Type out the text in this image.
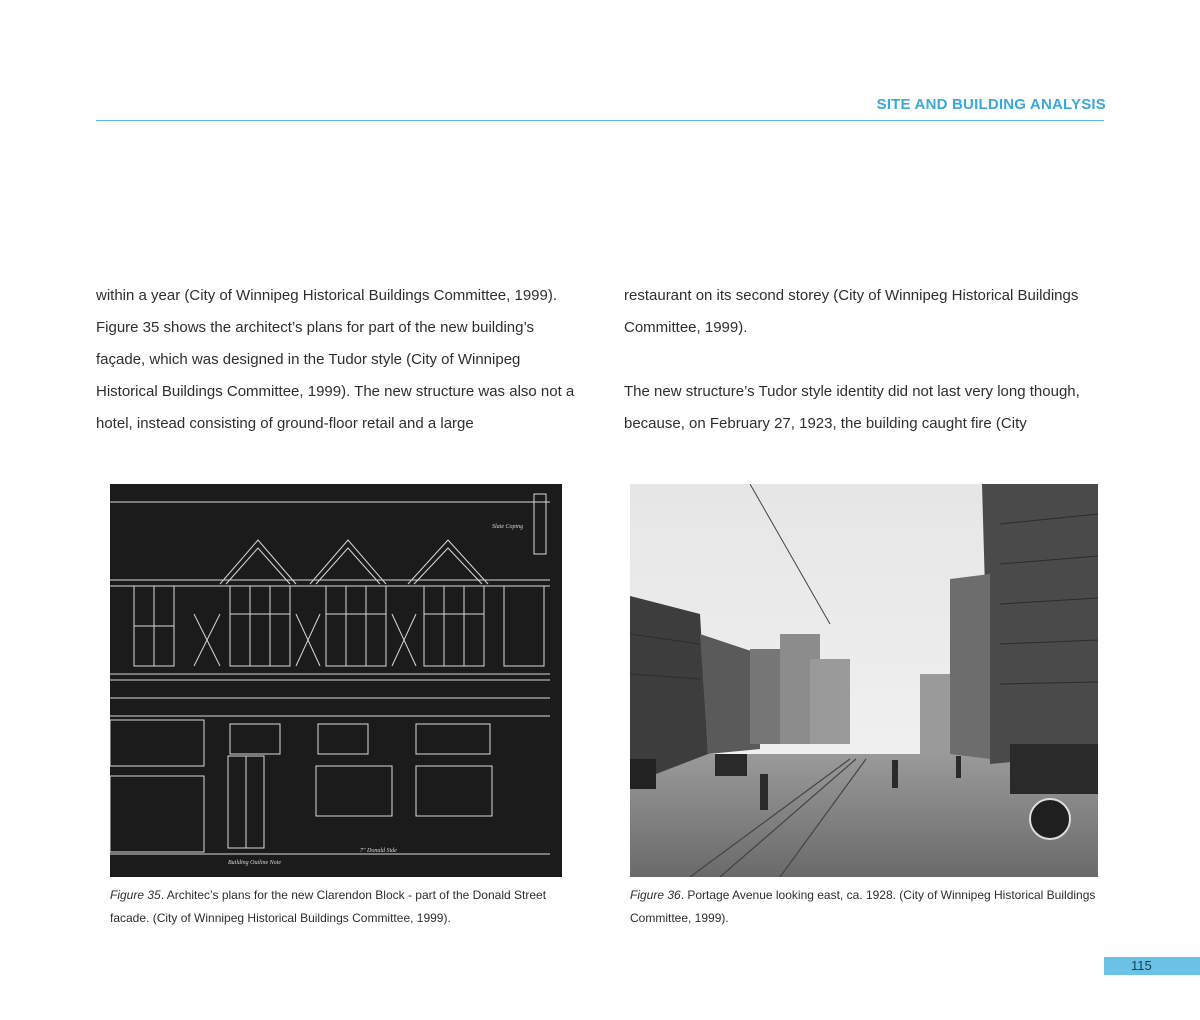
SITE AND BUILDING ANALYSIS

within a year (City of Winnipeg Historical Buildings Committee, 1999). Figure 35 shows the architect’s plans for part of the new building’s façade, which was designed in the Tudor style (City of Winnipeg Historical Buildings Committee, 1999). The new structure was also not a hotel, instead consisting of ground-floor retail and a large

restaurant on its second storey (City of Winnipeg Historical Buildings Committee, 1999).

The new structure’s Tudor style identity did not last very long though, because, on February 27, 1923, the building caught fire (City

Slate Coping
7" Donald Side
Building Outline Note
Figure 35. Architec’s plans for the new Clarendon Block - part of the Donald Street facade. (City of Winnipeg Historical Buildings Committee, 1999).
Figure 36. Portage Avenue looking east, ca. 1928. (City of Winnipeg Historical Buildings Committee, 1999).
115
